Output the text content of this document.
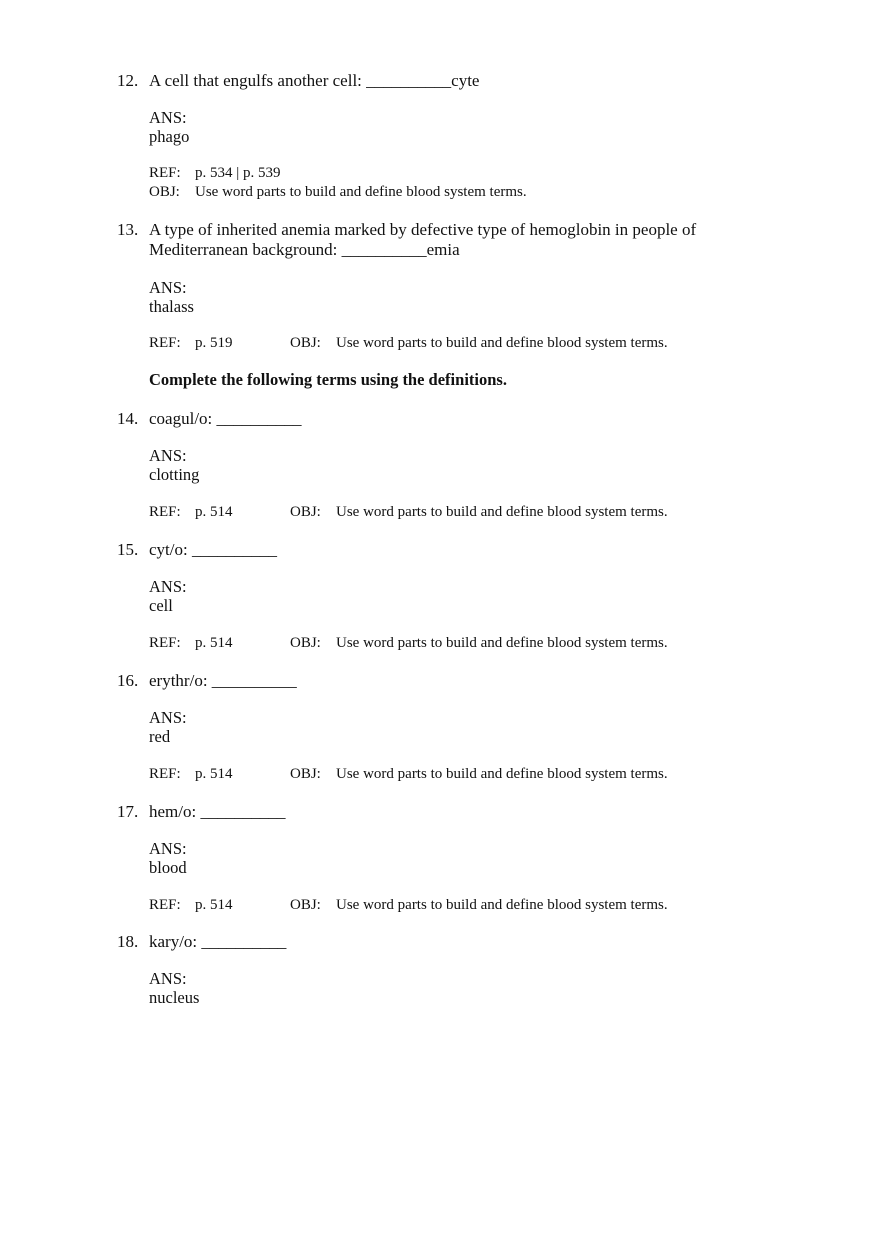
12. A cell that engulfs another cell: __________cyte
ANS:
phago
REF: p. 534 | p. 539
OBJ: Use word parts to build and define blood system terms.
13. A type of inherited anemia marked by defective type of hemoglobin in people of
Mediterranean background: __________emia
ANS:
thalass
REF: p. 519	OBJ: Use word parts to build and define blood system terms.
Complete the following terms using the definitions.
14. coagul/o: __________
ANS:
clotting
REF: p. 514	OBJ: Use word parts to build and define blood system terms.
15. cyt/o: __________
ANS:
cell
REF: p. 514	OBJ: Use word parts to build and define blood system terms.
16. erythr/o: __________
ANS:
red
REF: p. 514	OBJ: Use word parts to build and define blood system terms.
17. hem/o: __________
ANS:
blood
REF: p. 514	OBJ: Use word parts to build and define blood system terms.
18. kary/o: __________
ANS:
nucleus
